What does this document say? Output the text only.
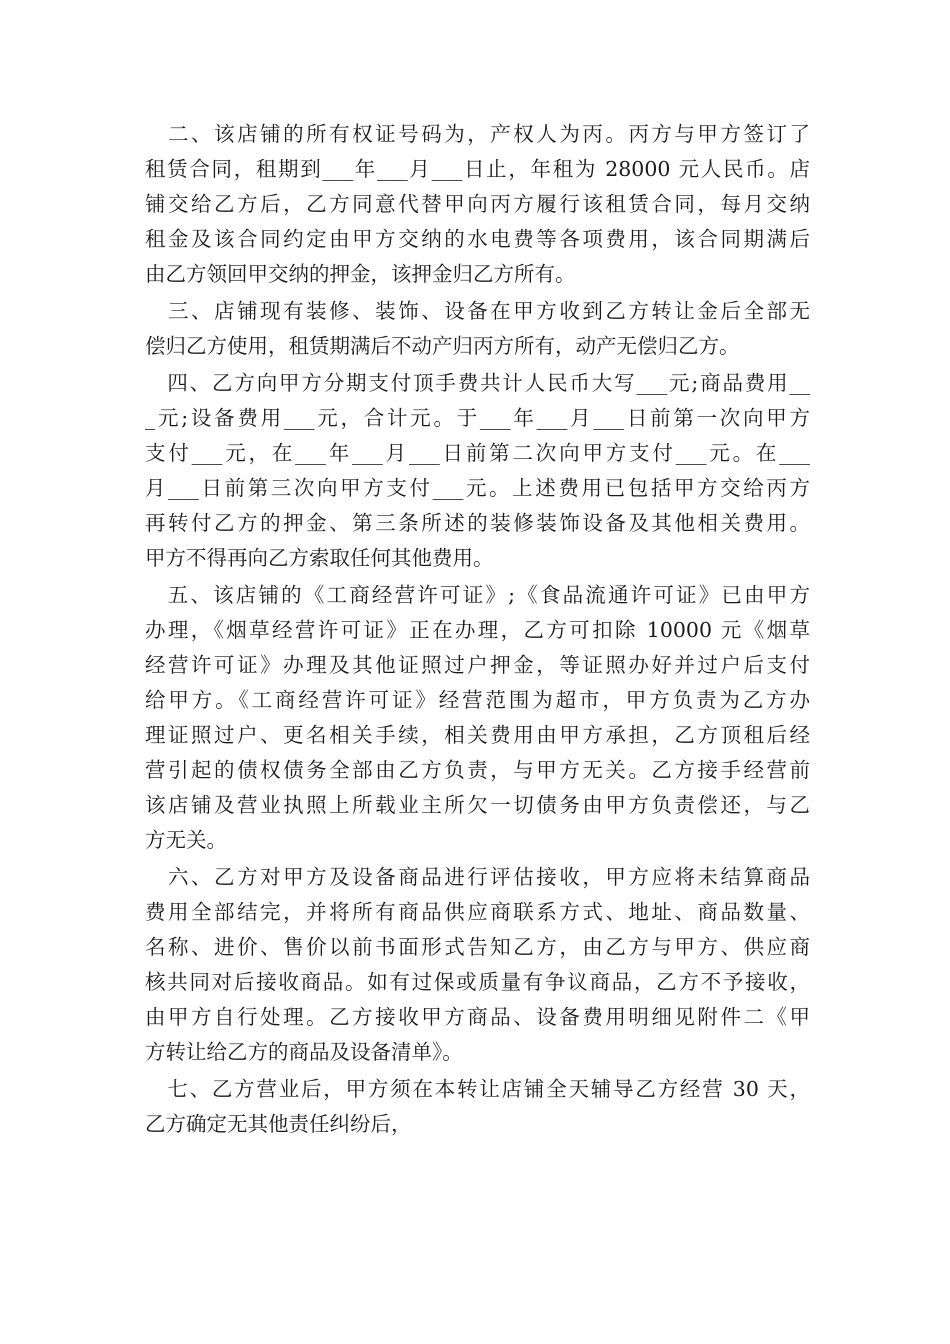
　二、该店铺的所有权证号码为，产权人为丙。丙方与甲方签订了
租赁合同，租期到___年___月___日止，年租为 28000 元人民币。店
铺交给乙方后，乙方同意代替甲向丙方履行该租赁合同，每月交纳
租金及该合同约定由甲方交纳的水电费等各项费用，该合同期满后
由乙方领回甲交纳的押金，该押金归乙方所有。
　三、店铺现有装修、装饰、设备在甲方收到乙方转让金后全部无
偿归乙方使用，租赁期满后不动产归丙方所有，动产无偿归乙方。
　四、乙方向甲方分期支付顶手费共计人民币大写___元;商品费用__
_元;设备费用___元，合计元。于___年___月___日前第一次向甲方
支付___元，在___年___月___日前第二次向甲方支付___元。在___
月___日前第三次向甲方支付___元。上述费用已包括甲方交给丙方
再转付乙方的押金、第三条所述的装修装饰设备及其他相关费用。
甲方不得再向乙方索取任何其他费用。
　五、该店铺的《工商经营许可证》;《食品流通许可证》已由甲方
办理，《烟草经营许可证》正在办理，乙方可扣除 10000 元《烟草
经营许可证》办理及其他证照过户押金，等证照办好并过户后支付
给甲方。《工商经营许可证》经营范围为超市，甲方负责为乙方办
理证照过户、更名相关手续，相关费用由甲方承担，乙方顶租后经
营引起的债权债务全部由乙方负责，与甲方无关。乙方接手经营前
该店铺及营业执照上所载业主所欠一切债务由甲方负责偿还，与乙
方无关。
　六、乙方对甲方及设备商品进行评估接收，甲方应将未结算商品
费用全部结完，并将所有商品供应商联系方式、地址、商品数量、
名称、进价、售价以前书面形式告知乙方，由乙方与甲方、供应商
核共同对后接收商品。如有过保或质量有争议商品，乙方不予接收，
由甲方自行处理。乙方接收甲方商品、设备费用明细见附件二《甲
方转让给乙方的商品及设备清单》。
　七、乙方营业后，甲方须在本转让店铺全天辅导乙方经营 30 天，
乙方确定无其他责任纠纷后，
